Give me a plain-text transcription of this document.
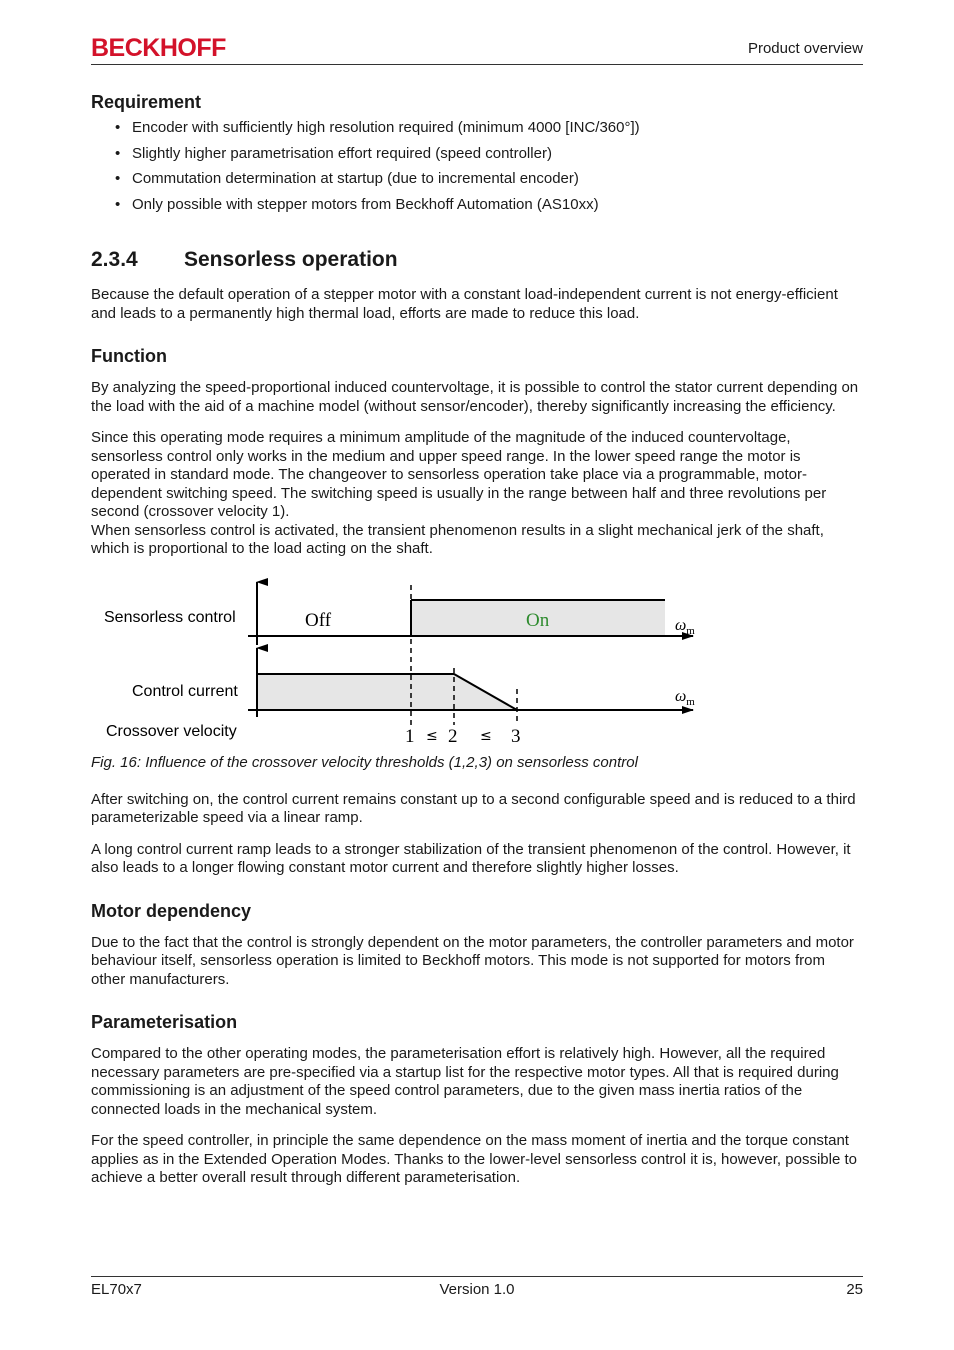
BECKHOFF	Product overview
Requirement
• Encoder with sufficiently high resolution required (minimum 4000 [INC/360°])
• Slightly higher parametrisation effort required (speed controller)
• Commutation determination at startup (due to incremental encoder)
• Only possible with stepper motors from Beckhoff Automation (AS10xx)
2.3.4	Sensorless operation

Because the default operation of a stepper motor with a constant load-independent current is not energy-efficient and leads to a permanently high thermal load, efforts are made to reduce this load.

Function

By analyzing the speed-proportional induced countervoltage, it is possible to control the stator current depending on the load with the aid of a machine model (without sensor/encoder), thereby significantly increasing the efficiency.

Since this operating mode requires a minimum amplitude of the magnitude of the induced countervoltage, sensorless control only works in the medium and upper speed range. In the lower speed range the motor is operated in standard mode. The changeover to sensorless operation take place via a programmable, motor-dependent switching speed. The switching speed is usually in the range between half and three revolutions per second (crossover velocity 1).

When sensorless control is activated, the transient phenomenon results in a slight mechanical jerk of the shaft, which is proportional to the load acting on the shaft.

Sensorless control	Off	On	$\omega_m$
Control current	$\omega_m$
Crossover velocity	1 ≤ 2 ≤ 3

Fig. 16: Influence of the crossover velocity thresholds (1,2,3) on sensorless control

After switching on, the control current remains constant up to a second configurable speed and is reduced to a third parameterizable speed via a linear ramp.

A long control current ramp leads to a stronger stabilization of the transient phenomenon of the control. However, it also leads to a longer flowing constant motor current and therefore slightly higher losses.

Motor dependency

Due to the fact that the control is strongly dependent on the motor parameters, the controller parameters and motor behaviour itself, sensorless operation is limited to Beckhoff motors. This mode is not supported for motors from other manufacturers.

Parameterisation

Compared to the other operating modes, the parameterisation effort is relatively high. However, all the required necessary parameters are pre-specified via a startup list for the respective motor types. All that is required during commissioning is an adjustment of the speed control parameters, due to the given mass inertia ratios of the connected loads in the mechanical system.

For the speed controller, in principle the same dependence on the mass moment of inertia and the torque constant applies as in the Extended Operation Modes. Thanks to the lower-level sensorless control it is, however, possible to achieve a better overall result through different parameterisation.

EL70x7	Version 1.0	25
